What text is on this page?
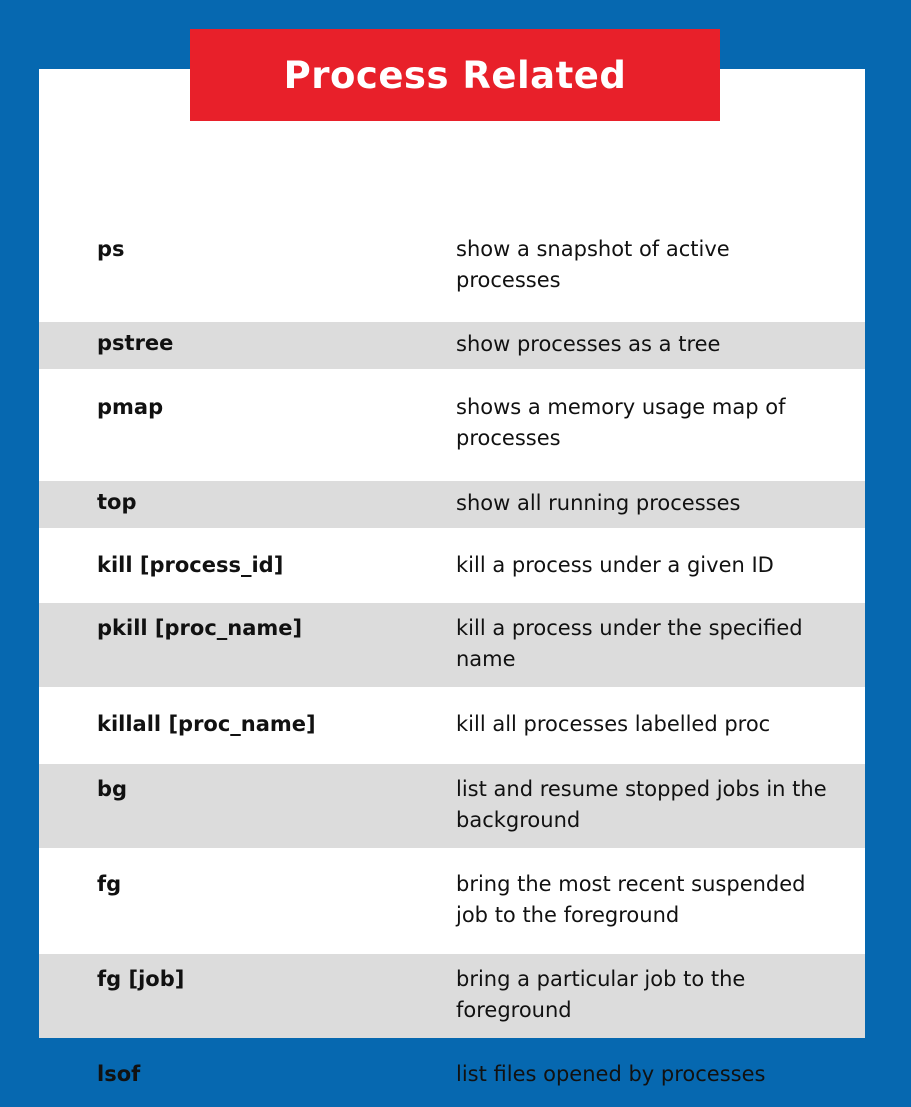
ps	show a snapshot of active processes
pstree	show processes as a tree
pmap	shows a memory usage map of processes
top	show all running processes
kill [process_id]	kill a process under a given ID
pkill [proc_name]	kill a process under the specified name
killall [proc_name]	kill all processes labelled proc
bg	list and resume stopped jobs in the background
fg	bring the most recent suspended job to the foreground
fg [job]	bring a particular job to the foreground
lsof	list files opened by processes
Process Related
